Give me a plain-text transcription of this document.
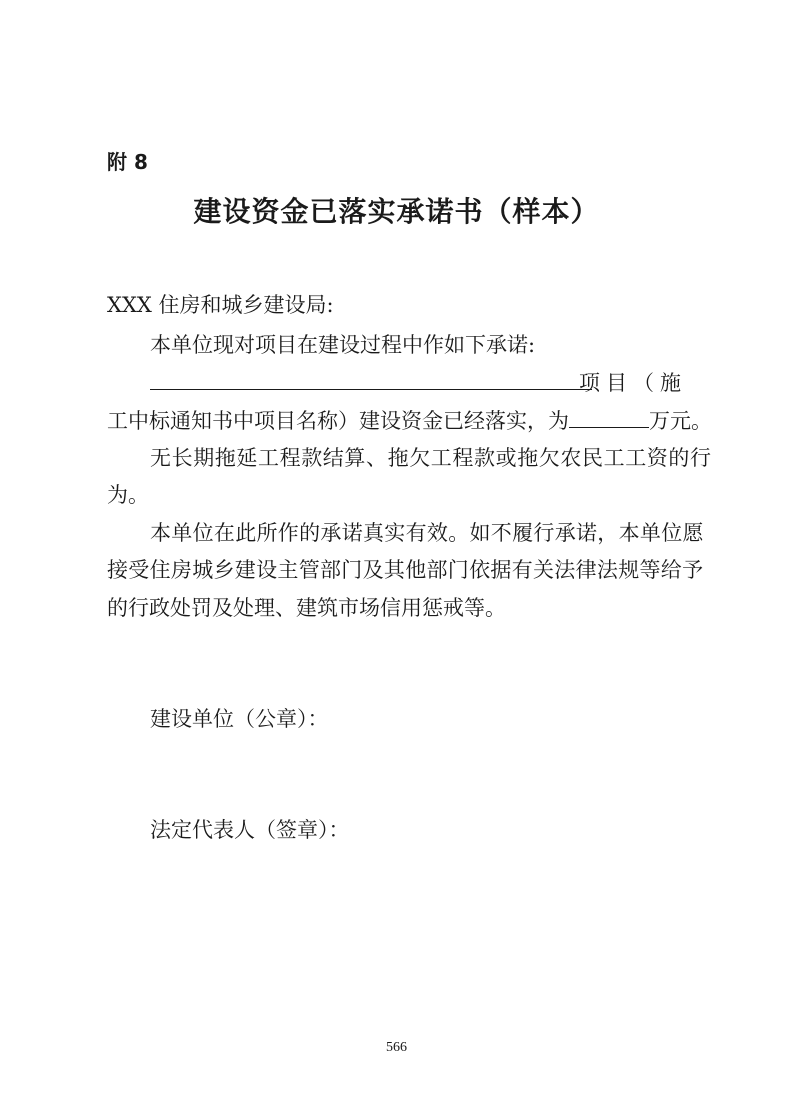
附 8
建设资金已落实承诺书（样本）
XXX 住房和城乡建设局:
本单位现对项目在建设过程中作如下承诺:
项目（施
工中标通知书中项目名称）建设资金已经落实，为	万元。
无长期拖延工程款结算、拖欠工程款或拖欠农民工工资的行
为。
本单位在此所作的承诺真实有效。如不履行承诺，本单位愿
接受住房城乡建设主管部门及其他部门依据有关法律法规等给予
的行政处罚及处理、建筑市场信用惩戒等。
建设单位（公章）：
法定代表人（签章）：
566
